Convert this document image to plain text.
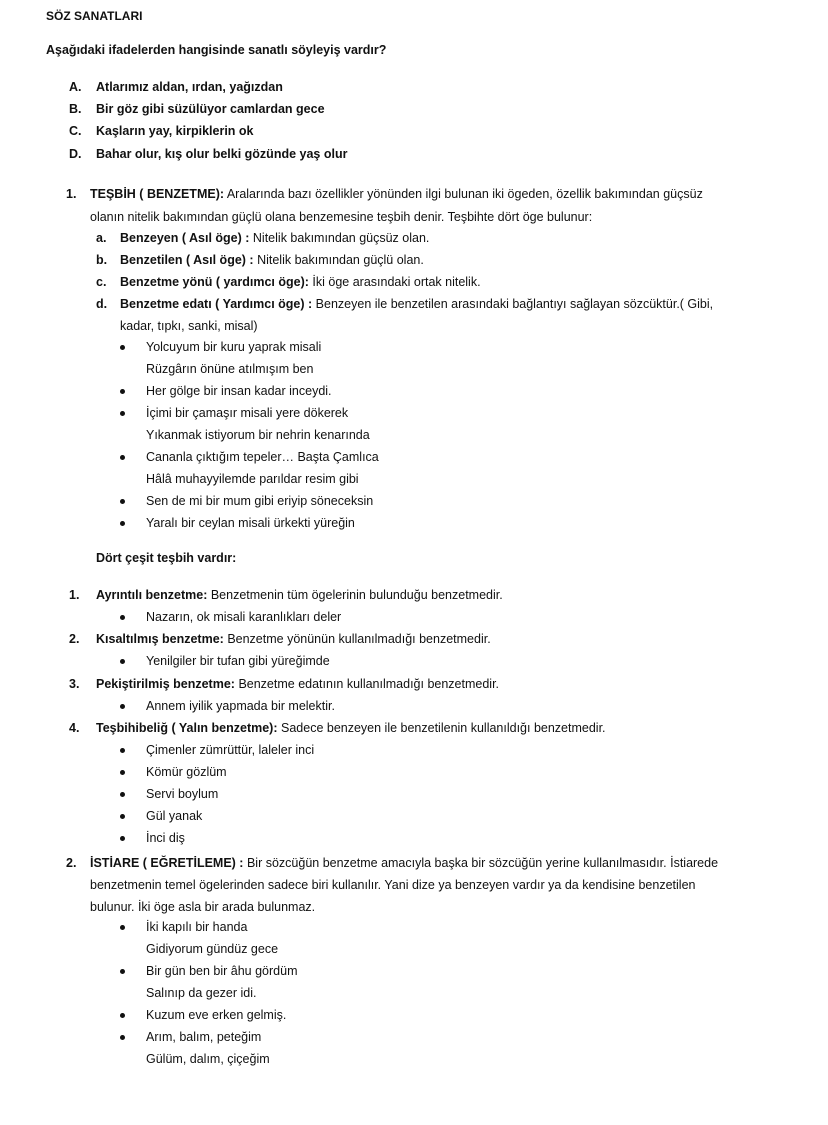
SÖZ SANATLARI
Aşağıdaki ifadelerden hangisinde sanatlı söyleyiş vardır?
A. Atlarımız aldan, ırdan, yağızdan
B. Bir göz gibi süzülüyor camlardan gece
C. Kaşların yay, kirpiklerin ok
D. Bahar olur, kış olur belki gözünde yaş olur
1. TEŞBİH ( BENZETME): Aralarında bazı özellikler yönünden ilgi bulunan iki ögeden, özellik bakımından güçsüz
olanın nitelik bakımından güçlü olana benzemesine teşbih denir. Teşbihte dört öge bulunur:
a. Benzeyen ( Asıl öge) : Nitelik bakımından güçsüz olan.
b. Benzetilen ( Asıl öge) : Nitelik bakımından güçlü olan.
c. Benzetme yönü ( yardımcı öge): İki öge arasındaki ortak nitelik.
d. Benzetme edatı ( Yardımcı öge) : Benzeyen ile benzetilen arasındaki bağlantıyı sağlayan sözcüktür.( Gibi,
kadar, tıpkı, sanki, misal)
Yolcuyum bir kuru yaprak misali
Rüzgârın önüne atılmışım ben
Her gölge bir insan kadar inceydi.
İçimi bir çamaşır misali yere dökerek
Yıkanmak istiyorum bir nehrin kenarında
Cananla çıktığım tepeler… Başta Çamlıca
Hâlâ muhayyilemde parıldar resim gibi
Sen de mi bir mum gibi eriyip söneceksin
Yaralı bir ceylan misali ürkekti yüreğin
Dört çeşit teşbih vardır:
1. Ayrıntılı benzetme: Benzetmenin tüm ögelerinin bulunduğu benzetmedir.
Nazarın, ok misali karanlıkları deler
2. Kısaltılmış benzetme: Benzetme yönünün kullanılmadığı benzetmedir.
Yenilgiler bir tufan gibi yüreğimde
3. Pekiştirilmiş benzetme: Benzetme edatının kullanılmadığı benzetmedir.
Annem iyilik yapmada bir melektir.
4. Teşbihibeliğ ( Yalın benzetme): Sadece benzeyen ile benzetilenin kullanıldığı benzetmedir.
Çimenler zümrüttür, laleler inci
Kömür gözlüm
Servi boylum
Gül yanak
İnci diş
2. İSTİARE ( EĞRETİLEME) : Bir sözcüğün benzetme amacıyla başka bir sözcüğün yerine kullanılmasıdır. İstiarede
benzetmenin temel ögelerinden sadece biri kullanılır. Yani dize ya benzeyen vardır ya da kendisine benzetilen
bulunur. İki öge asla bir arada bulunmaz.
İki kapılı bir handa
Gidiyorum gündüz gece
Bir gün ben bir âhu gördüm
Salınıp da gezer idi.
Kuzum eve erken gelmiş.
Arım, balım, peteğim
Gülüm, dalım, çiçeğim
